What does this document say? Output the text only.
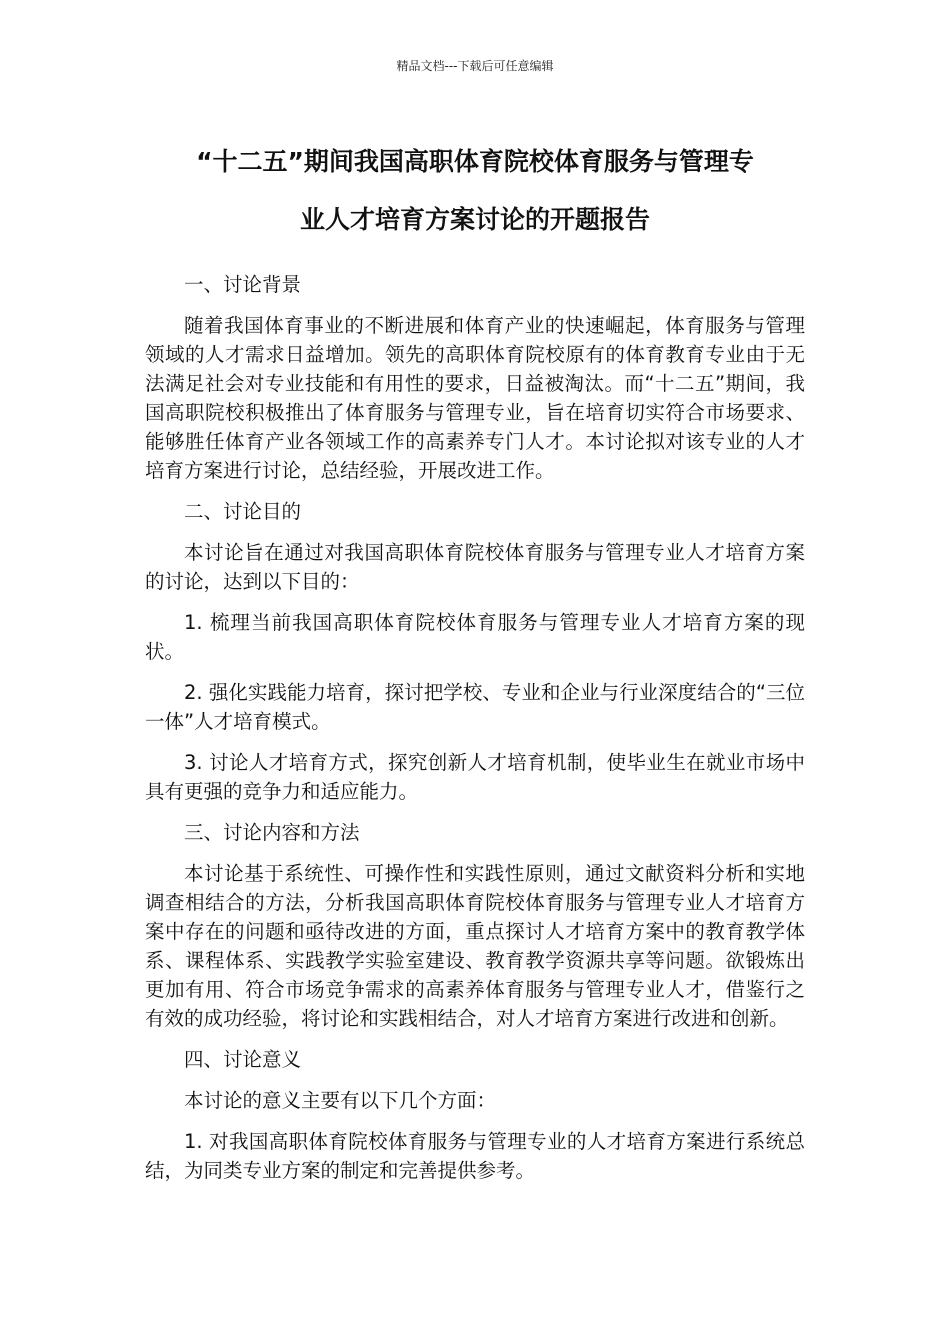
精品文档---下载后可任意编辑
“十二五”期间我国高职体育院校体育服务与管理专
业人才培育方案讨论的开题报告

一、讨论背景

随着我国体育事业的不断进展和体育产业的快速崛起，体育服务与管理领域的人才需求日益增加。领先的高职体育院校原有的体育教育专业由于无法满足社会对专业技能和有用性的要求，日益被淘汰。而“十二五”期间，我国高职院校积极推出了体育服务与管理专业，旨在培育切实符合市场要求、能够胜任体育产业各领域工作的高素养专门人才。本讨论拟对该专业的人才培育方案进行讨论，总结经验，开展改进工作。

二、讨论目的

本讨论旨在通过对我国高职体育院校体育服务与管理专业人才培育方案的讨论，达到以下目的：

1. 梳理当前我国高职体育院校体育服务与管理专业人才培育方案的现状。

2. 强化实践能力培育，探讨把学校、专业和企业与行业深度结合的“三位一体”人才培育模式。

3. 讨论人才培育方式，探究创新人才培育机制，使毕业生在就业市场中具有更强的竞争力和适应能力。

三、讨论内容和方法

本讨论基于系统性、可操作性和实践性原则，通过文献资料分析和实地调查相结合的方法，分析我国高职体育院校体育服务与管理专业人才培育方案中存在的问题和亟待改进的方面，重点探讨人才培育方案中的教育教学体系、课程体系、实践教学实验室建设、教育教学资源共享等问题。欲锻炼出更加有用、符合市场竞争需求的高素养体育服务与管理专业人才，借鉴行之有效的成功经验，将讨论和实践相结合，对人才培育方案进行改进和创新。

四、讨论意义

本讨论的意义主要有以下几个方面：

1. 对我国高职体育院校体育服务与管理专业的人才培育方案进行系统总结，为同类专业方案的制定和完善提供参考。
